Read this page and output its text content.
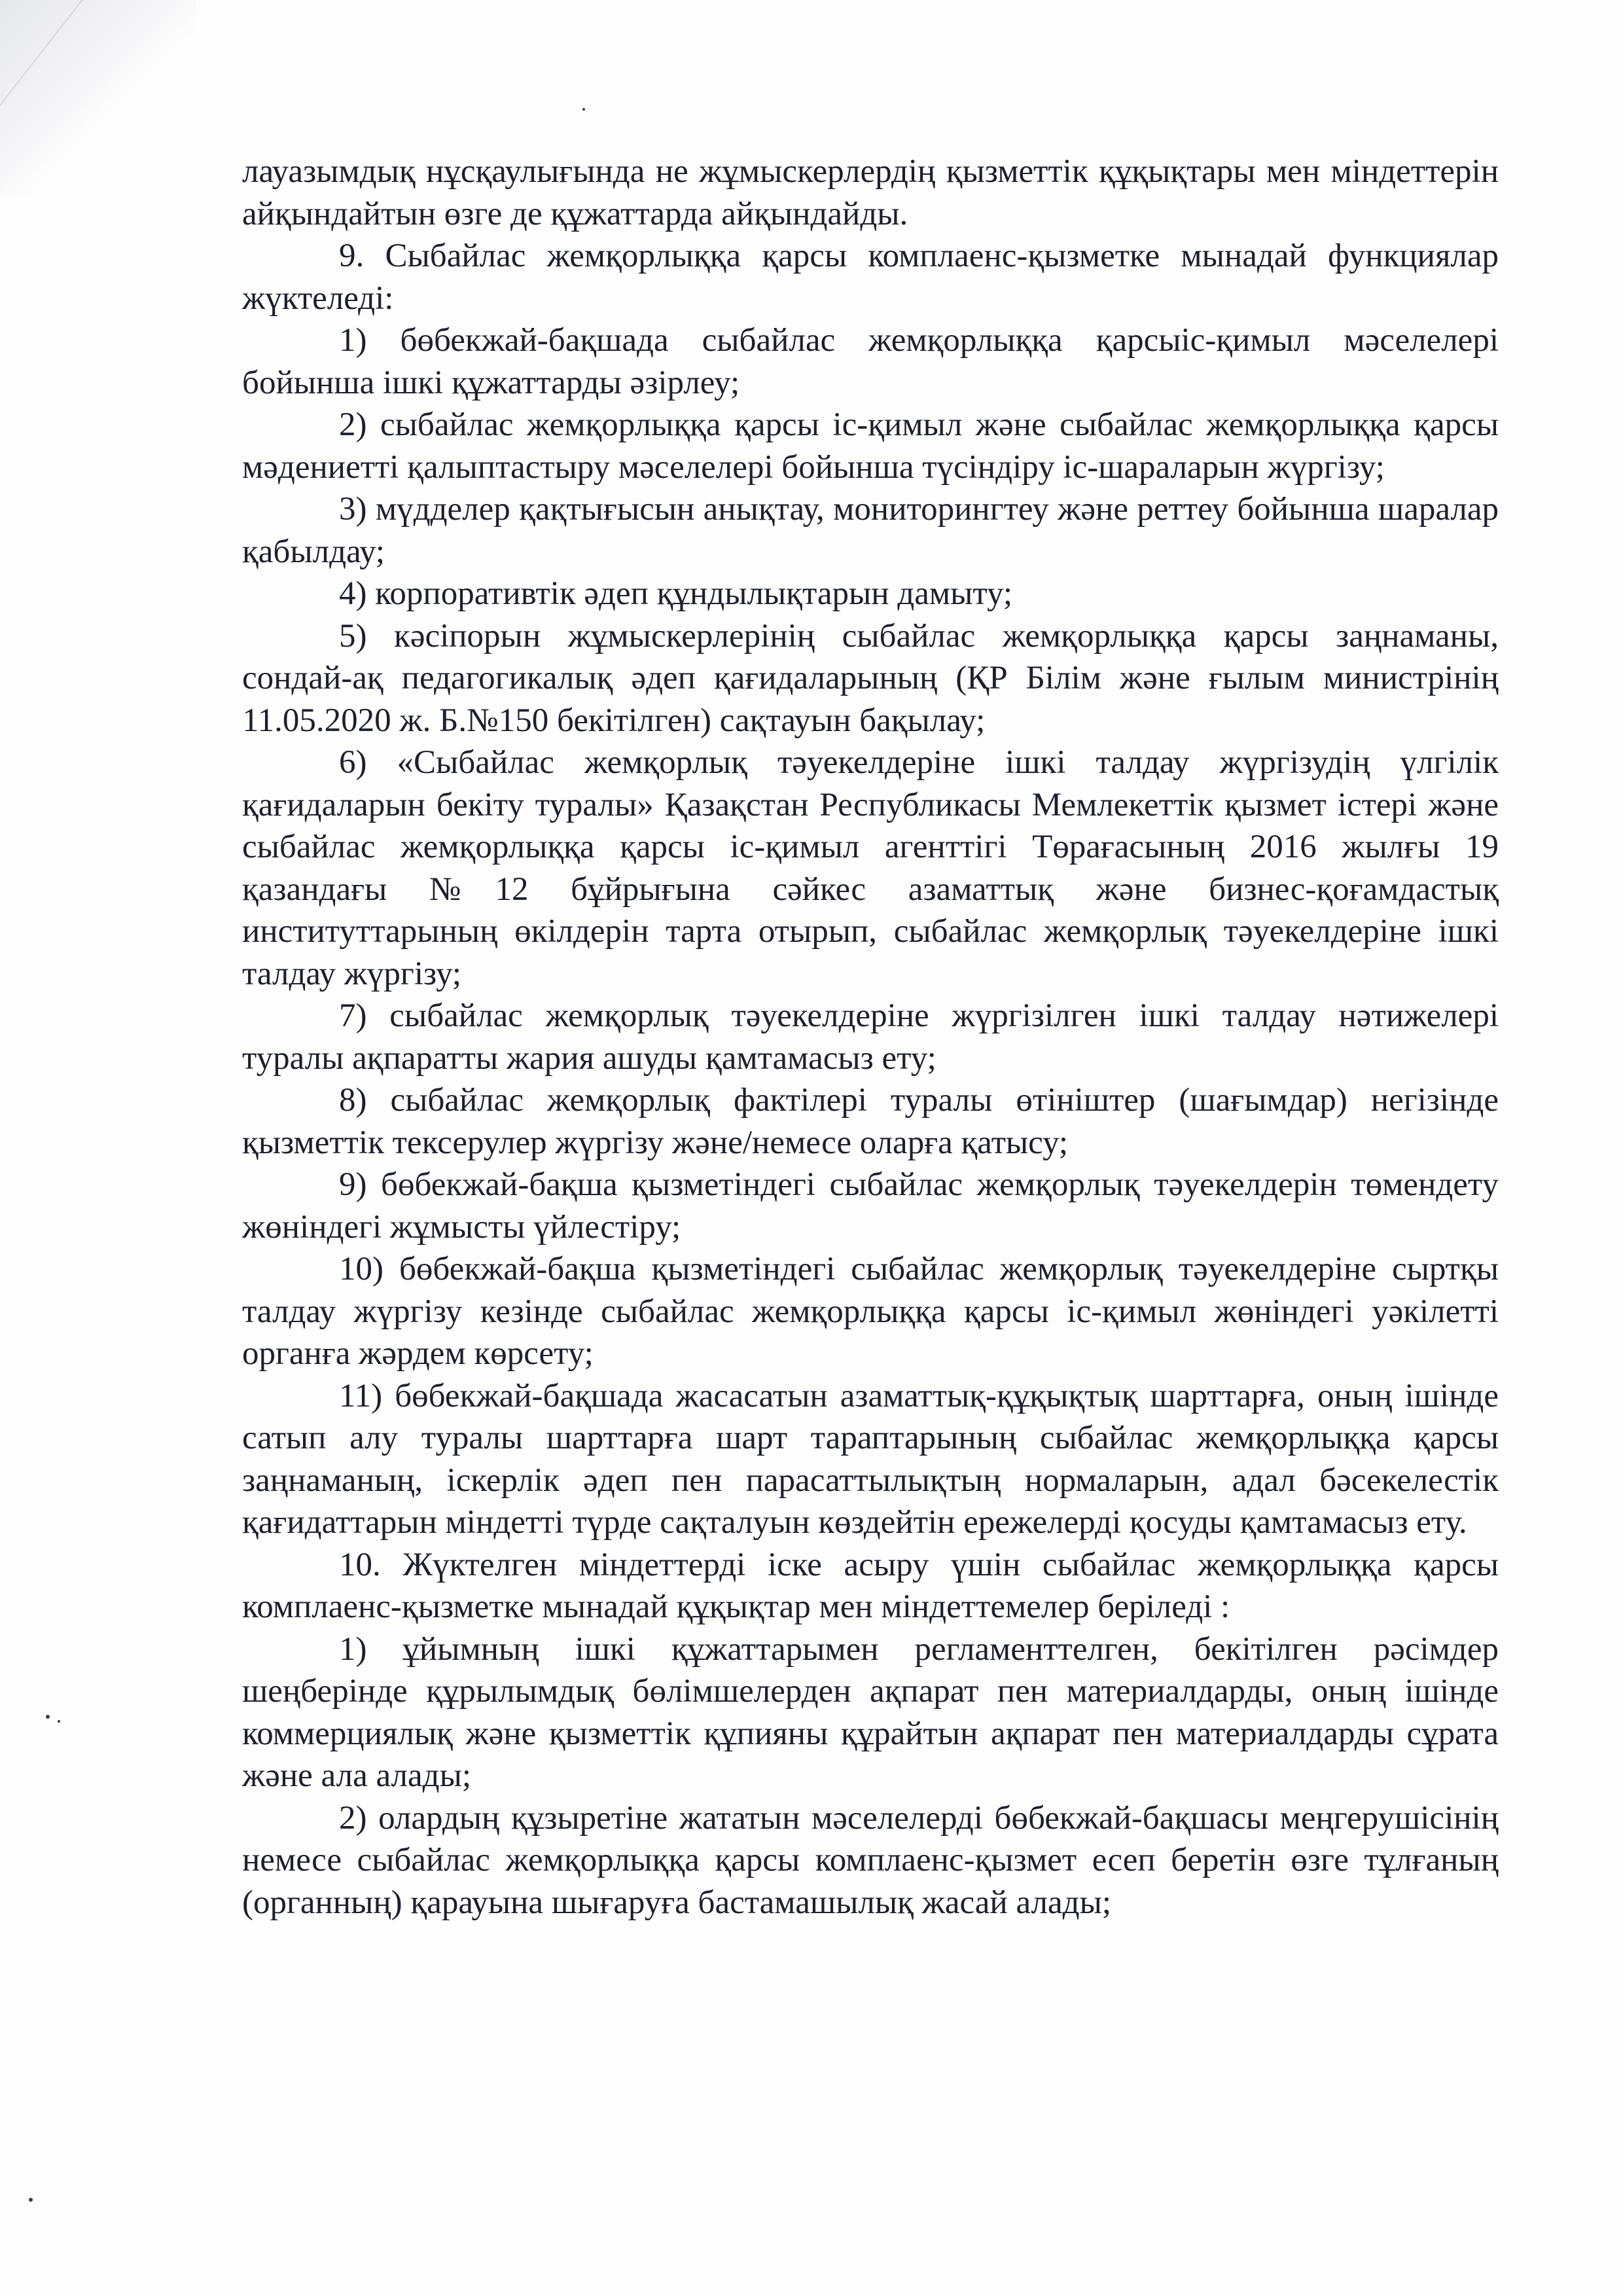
лауазымдық нұсқаулығында не жұмыскерлердің қызметтік құқықтары мен міндеттерін айқындайтын өзге де құжаттарда айқындайды.

9. Сыбайлас жемқорлыққа қарсы комплаенс-қызметке мынадай функциялар жүктеледі:

1) бөбекжай-бақшада сыбайлас жемқорлыққа қарсыіс-қимыл мәселелері бойынша ішкі құжаттарды әзірлеу;

2) сыбайлас жемқорлыққа қарсы іс-қимыл және сыбайлас жемқорлыққа қарсы мәдениетті қалыптастыру мәселелері бойынша түсіндіру іс-шараларын жүргізу;

3) мүдделер қақтығысын анықтау, мониторингтеу және реттеу бойынша шаралар қабылдау;

4) корпоративтік әдеп құндылықтарын дамыту;

5) кәсіпорын жұмыскерлерінің сыбайлас жемқорлыққа қарсы заңнаманы, сондай-ақ педагогикалық әдеп қағидаларының (ҚР Білім және ғылым министрінің 11.05.2020 ж. Б.№150 бекітілген) сақтауын бақылау;

6) «Сыбайлас жемқорлық тәуекелдеріне ішкі талдау жүргізудің үлгілік қағидаларын бекіту туралы» Қазақстан Республикасы Мемлекеттік қызмет істері және сыбайлас жемқорлыққа қарсы іс-қимыл агенттігі Төрағасының 2016 жылғы 19 қазандағы №12 бұйрығына сәйкес азаматтық және бизнес-қоғамдастық институттарының өкілдерін тарта отырып, сыбайлас жемқорлық тәуекелдеріне ішкі талдау жүргізу;

7) сыбайлас жемқорлық тәуекелдеріне жүргізілген ішкі талдау нәтижелері туралы ақпаратты жария ашуды қамтамасыз ету;

8) сыбайлас жемқорлық фактілері туралы өтініштер (шағымдар) негізінде қызметтік тексерулер жүргізу және/немесе оларға қатысу;

9) бөбекжай-бақша қызметіндегі сыбайлас жемқорлық тәуекелдерін төмендету жөніндегі жұмысты үйлестіру;

10) бөбекжай-бақша қызметіндегі сыбайлас жемқорлық тәуекелдеріне сыртқы талдау жүргізу кезінде сыбайлас жемқорлыққа қарсы іс-қимыл жөніндегі уәкілетті органға жәрдем көрсету;

11) бөбекжай-бақшада жасасатын азаматтық-құқықтық шарттарға, оның ішінде сатып алу туралы шарттарға шарт тараптарының сыбайлас жемқорлыққа қарсы заңнаманың, іскерлік әдеп пен парасаттылықтың нормаларын, адал бәсекелестік қағидаттарын міндетті түрде сақталуын көздейтін ережелерді қосуды қамтамасыз ету.

10. Жүктелген міндеттерді іске асыру үшін сыбайлас жемқорлыққа қарсы комплаенс-қызметке мынадай құқықтар мен міндеттемелер беріледі :

1) ұйымның ішкі құжаттарымен регламенттелген, бекітілген рәсімдер шеңберінде құрылымдық бөлімшелерден ақпарат пен материалдарды, оның ішінде коммерциялық және қызметтік құпияны құрайтын ақпарат пен материалдарды сұрата және ала алады;

2) олардың құзыретіне жататын мәселелерді бөбекжай-бақшасы меңгерушісінің немесе сыбайлас жемқорлыққа қарсы комплаенс-қызмет есеп беретін өзге тұлғаның (органның) қарауына шығаруға бастамашылық жасай алады;
